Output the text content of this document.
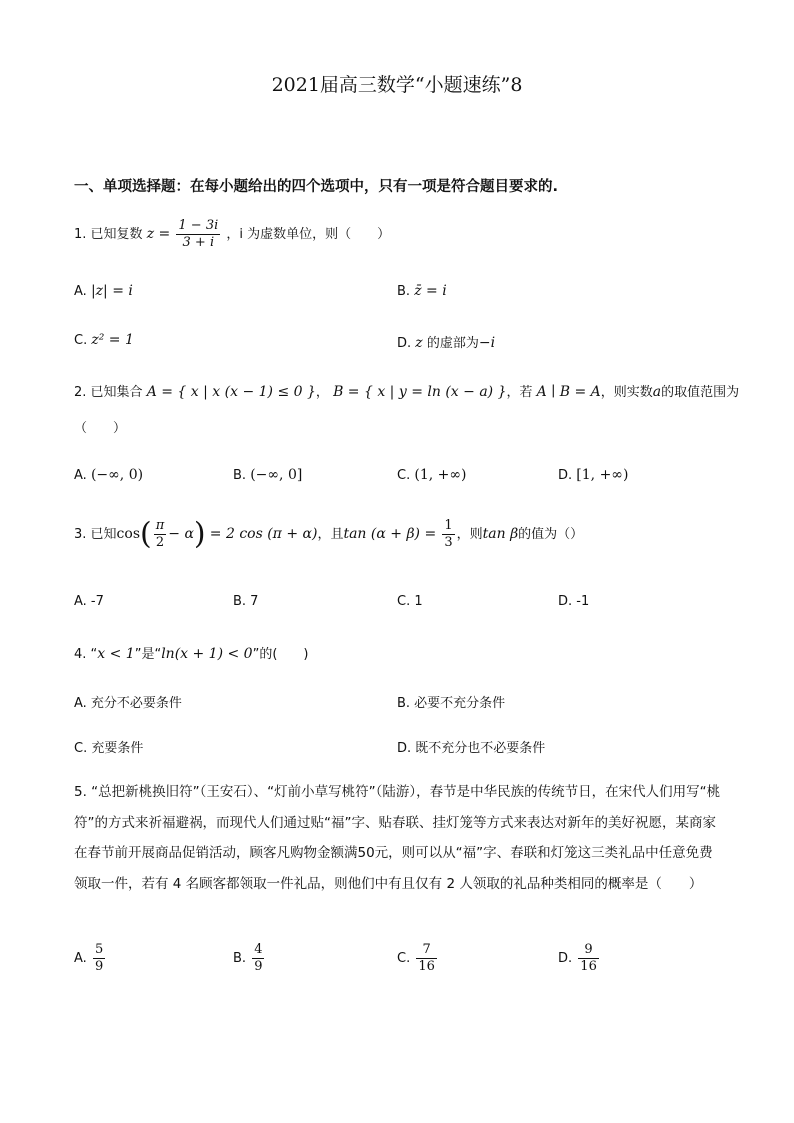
2021届高三数学“小题速练”8
一、单项选择题：在每小题给出的四个选项中，只有一项是符合题目要求的.
1. 已知复数 $z = \frac{1 - 3i}{3 + i}$ ，i 为虚数单位，则（　　）
A. |z| = i	B. z̄ = i
C. z² = 1	D. z 的虚部为−i
2. 已知集合 A = { x | x (x − 1) ≤ 0 }， B = { x | y = ln (x − a) }，若 A ∣ B = A，则实数a的取值范围为
（　　）
A. (−∞, 0)	B. (−∞, 0]	C. (1, +∞)	D. [1, +∞)
3. 已知$\cos( \frac{\pi}{2} - \alpha) = 2$ cos (π + α)，且$\tan (\alpha + \beta) = \frac{1}{3}$ ，则tan β的值为（）
A. -7	B. 7	C. 1	D. -1
4. “x < 1”是“ln(x + 1) < 0”的(　　)
A. 充分不必要条件	B. 必要不充分条件
C. 充要条件	D. 既不充分也不必要条件
5. “总把新桃换旧符”（王安石）、“灯前小草写桃符”（陆游），春节是中华民族的传统节日，在宋代人们用写“桃符”的方式来祈福避祸，而现代人们通过贴“福”字、贴春联、挂灯笼等方式来表达对新年的美好祝愿，某商家在春节前开展商品促销活动，顾客凡购物金额满50元，则可以从“福”字、春联和灯笼这三类礼品中任意免费领取一件，若有 4 名顾客都领取一件礼品，则他们中有且仅有 2 人领取的礼品种类相同的概率是（　　）
A. $\frac{5}{9}$	B. $\frac{4}{9}$	C. $\frac{7}{16}$	D. $\frac{9}{16}$
